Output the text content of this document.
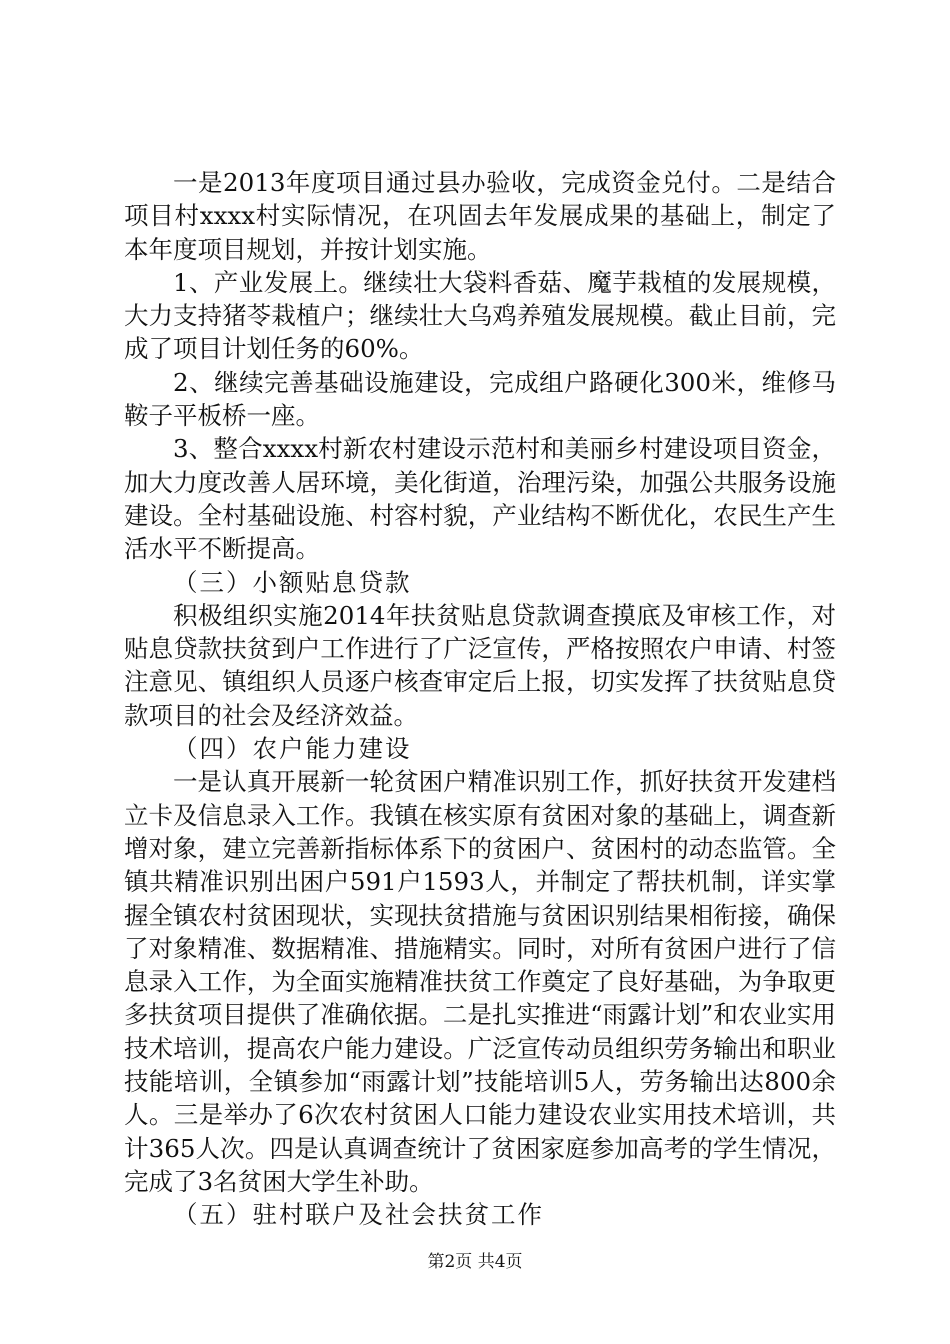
一是2013年度项目通过县办验收，完成资金兑付。二是结合项目村xxxx村实际情况，在巩固去年发展成果的基础上，制定了本年度项目规划，并按计划实施。

1、产业发展上。继续壮大袋料香菇、魔芋栽植的发展规模，大力支持猪苓栽植户；继续壮大乌鸡养殖发展规模。截止目前，完成了项目计划任务的60%。

2、继续完善基础设施建设，完成组户路硬化300米，维修马鞍子平板桥一座。

3、整合xxxx村新农村建设示范村和美丽乡村建设项目资金，加大力度改善人居环境，美化街道，治理污染，加强公共服务设施建设。全村基础设施、村容村貌，产业结构不断优化，农民生产生活水平不断提高。

（三）小额贴息贷款

积极组织实施2014年扶贫贴息贷款调查摸底及审核工作，对贴息贷款扶贫到户工作进行了广泛宣传，严格按照农户申请、村签注意见、镇组织人员逐户核查审定后上报，切实发挥了扶贫贴息贷款项目的社会及经济效益。

（四）农户能力建设

一是认真开展新一轮贫困户精准识别工作，抓好扶贫开发建档立卡及信息录入工作。我镇在核实原有贫困对象的基础上，调查新增对象，建立完善新指标体系下的贫困户、贫困村的动态监管。全镇共精准识别出困户591户1593人，并制定了帮扶机制，详实掌握全镇农村贫困现状，实现扶贫措施与贫困识别结果相衔接，确保了对象精准、数据精准、措施精实。同时，对所有贫困户进行了信息录入工作，为全面实施精准扶贫工作奠定了良好基础，为争取更多扶贫项目提供了准确依据。二是扎实推进“雨露计划”和农业实用技术培训，提高农户能力建设。广泛宣传动员组织劳务输出和职业技能培训，全镇参加“雨露计划”技能培训5人，劳务输出达800余人。三是举办了6次农村贫困人口能力建设农业实用技术培训，共计365人次。四是认真调查统计了贫困家庭参加高考的学生情况，完成了3名贫困大学生补助。

（五）驻村联户及社会扶贫工作

第2页 共4页
